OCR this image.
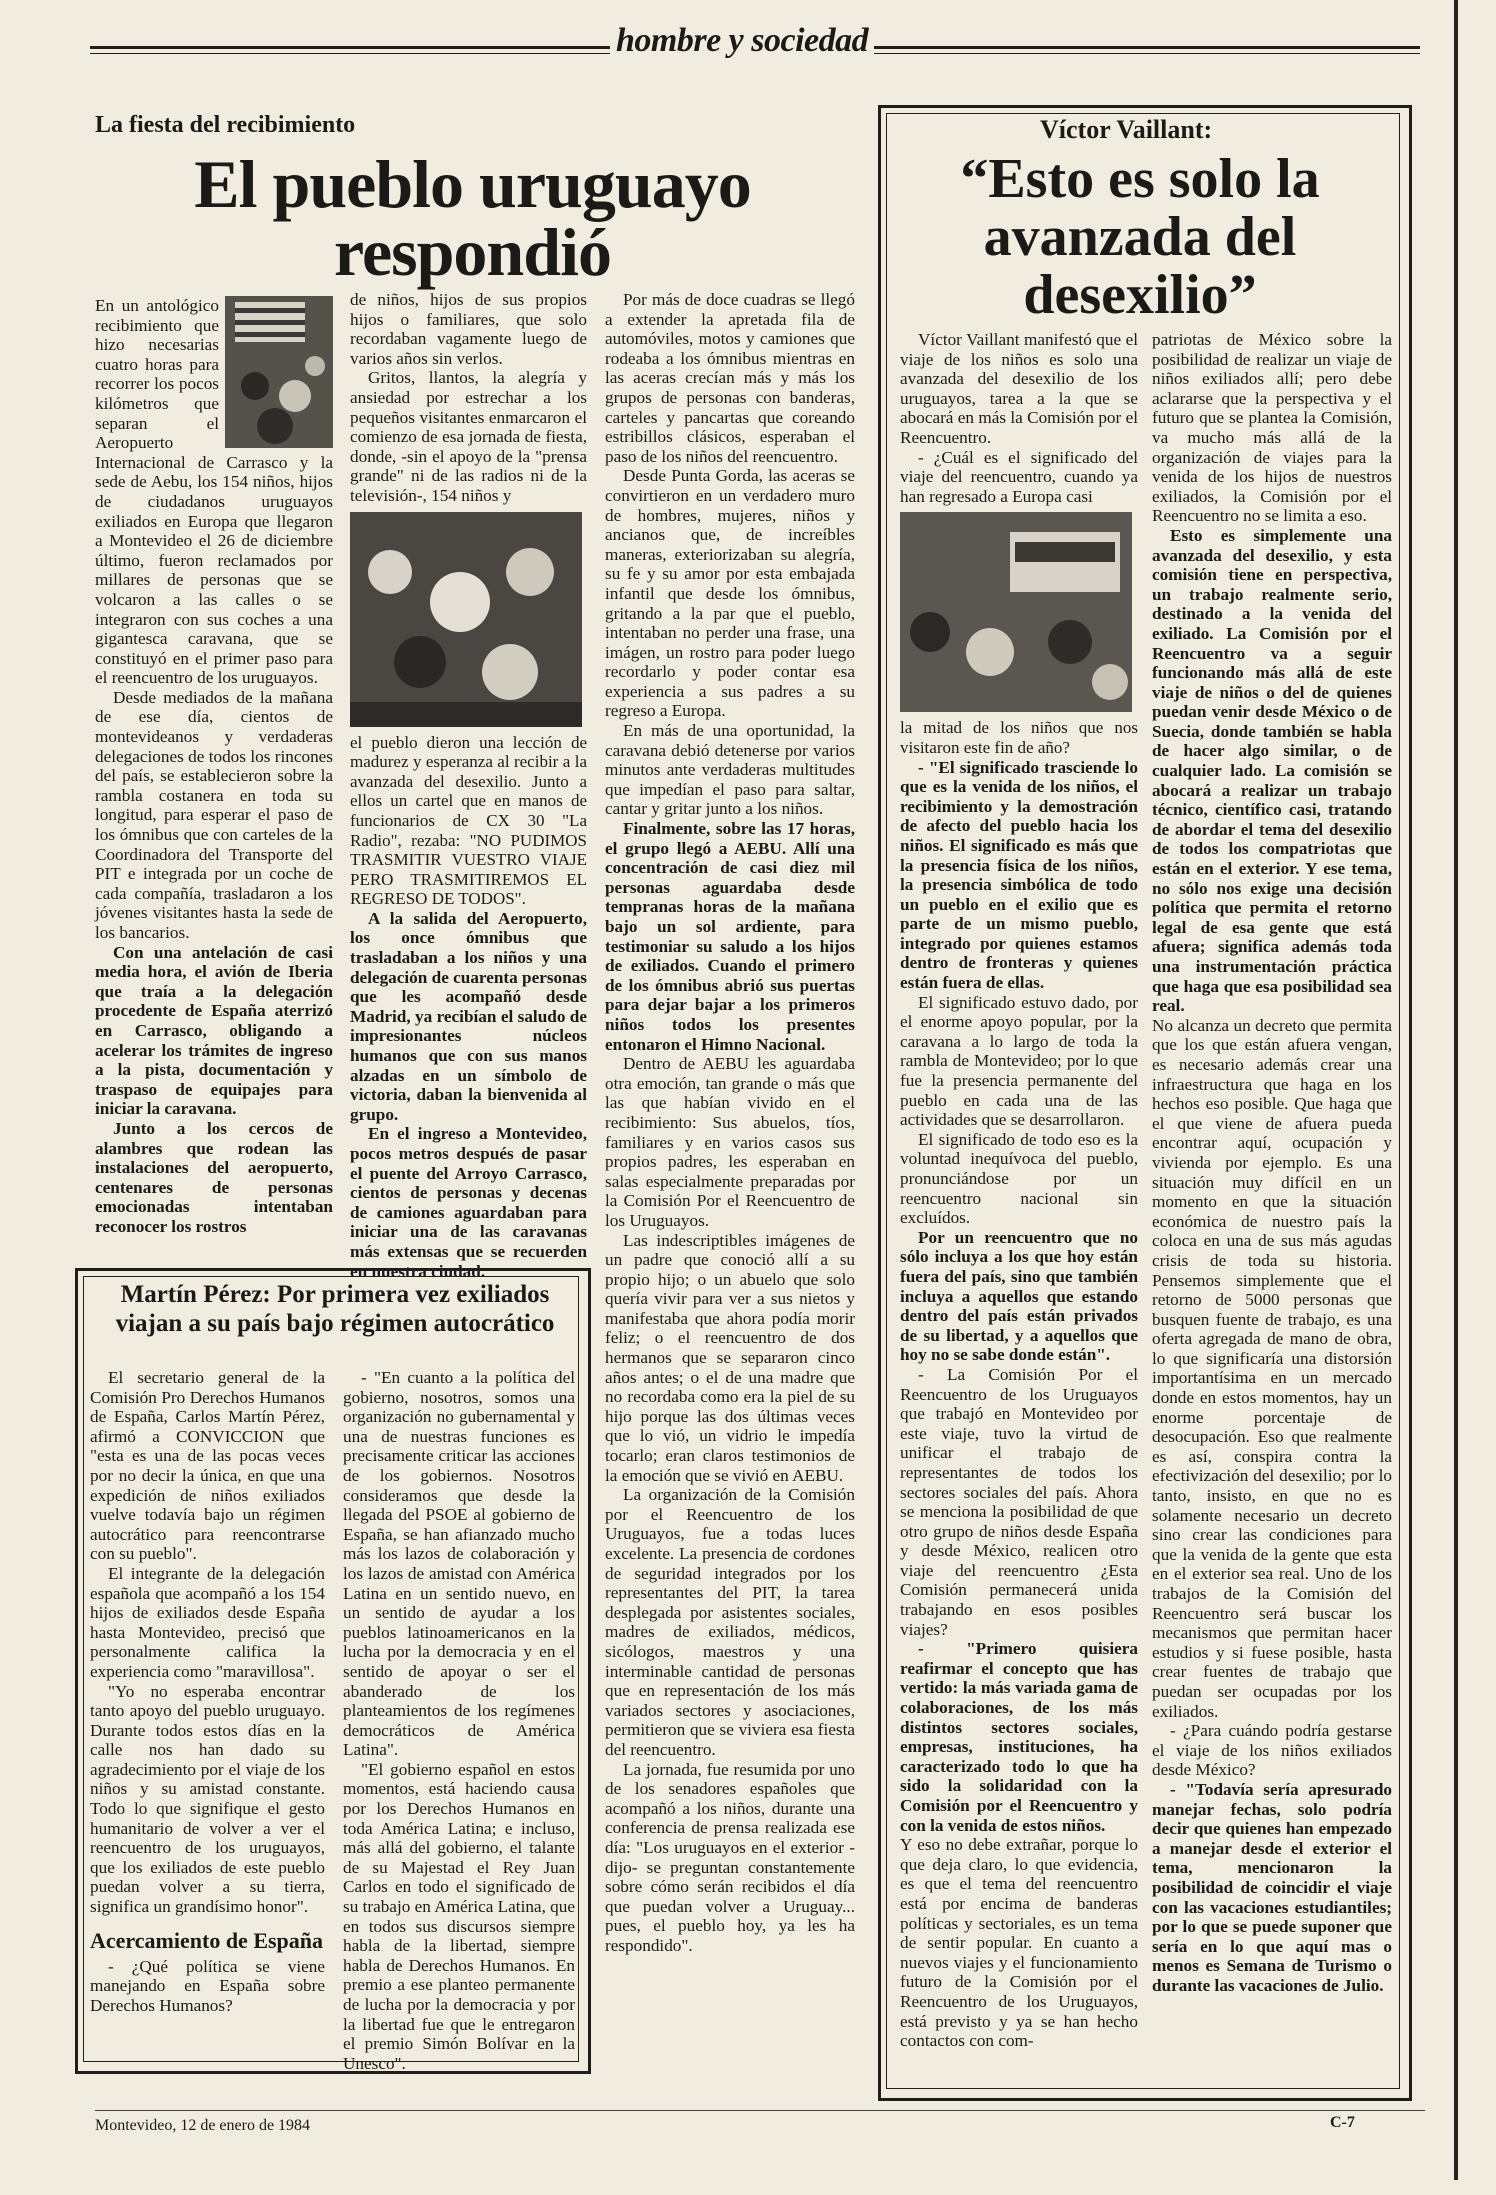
hombre y sociedad
La fiesta del recibimiento
El pueblo uruguayo respondió

En un antológico recibimiento que hizo necesarias cuatro horas para recorrer los pocos kilómetros que separan el Aeropuerto Internacional de Carrasco y la sede de Aebu, los 154 niños, hijos de ciudadanos uruguayos exiliados en Europa que llegaron a Montevideo el 26 de diciembre último, fueron reclamados por millares de personas que se volcaron a las calles o se integraron con sus coches a una gigantesca caravana, que se constituyó en el primer paso para el reencuentro de los uruguayos.

Desde mediados de la mañana de ese día, cientos de montevideanos y verdaderas delegaciones de todos los rincones del país, se establecieron sobre la rambla costanera en toda su longitud, para esperar el paso de los ómnibus que con carteles de la Coordinadora del Transporte del PIT e integrada por un coche de cada compañía, trasladaron a los jóvenes visitantes hasta la sede de los bancarios.

Con una antelación de casi media hora, el avión de Iberia que traía a la delegación procedente de España aterrizó en Carrasco, obligando a acelerar los trámites de ingreso a la pista, documentación y traspaso de equipajes para iniciar la caravana.

Junto a los cercos de alambres que rodean las instalaciones del aeropuerto, centenares de personas emocionadas intentaban reconocer los rostros

de niños, hijos de sus propios hijos o familiares, que solo recordaban vagamente luego de varios años sin verlos.

Gritos, llantos, la alegría y ansiedad por estrechar a los pequeños visitantes enmarcaron el comienzo de esa jornada de fiesta, donde, -sin el apoyo de la "prensa grande" ni de las radios ni de la televisión-, 154 niños y

el pueblo dieron una lección de madurez y esperanza al recibir a la avanzada del desexilio. Junto a ellos un cartel que en manos de funcionarios de CX 30 "La Radio", rezaba: "NO PUDIMOS TRASMITIR VUESTRO VIAJE PERO TRASMITIREMOS EL REGRESO DE TODOS".

A la salida del Aeropuerto, los once ómnibus que trasladaban a los niños y una delegación de cuarenta personas que les acompañó desde Madrid, ya recibían el saludo de impresionantes núcleos humanos que con sus manos alzadas en un símbolo de victoria, daban la bienvenida al grupo.

En el ingreso a Montevideo, pocos metros después de pasar el puente del Arroyo Carrasco, cientos de personas y decenas de camiones aguardaban para iniciar una de las caravanas más extensas que se recuerden en nuestra ciudad.

Por más de doce cuadras se llegó a extender la apretada fila de automóviles, motos y camiones que rodeaba a los ómnibus mientras en las aceras crecían más y más los grupos de personas con banderas, carteles y pancartas que coreando estribillos clásicos, esperaban el paso de los niños del reencuentro.

Desde Punta Gorda, las aceras se convirtieron en un verdadero muro de hombres, mujeres, niños y ancianos que, de increíbles maneras, exteriorizaban su alegría, su fe y su amor por esta embajada infantil que desde los ómnibus, gritando a la par que el pueblo, intentaban no perder una frase, una imágen, un rostro para poder luego recordarlo y poder contar esa experiencia a sus padres a su regreso a Europa.

En más de una oportunidad, la caravana debió detenerse por varios minutos ante verdaderas multitudes que impedían el paso para saltar, cantar y gritar junto a los niños.

Finalmente, sobre las 17 horas, el grupo llegó a AEBU. Allí una concentración de casi diez mil personas aguardaba desde tempranas horas de la mañana bajo un sol ardiente, para testimoniar su saludo a los hijos de exiliados. Cuando el primero de los ómnibus abrió sus puertas para dejar bajar a los primeros niños todos los presentes entonaron el Himno Nacional.

Dentro de AEBU les aguardaba otra emoción, tan grande o más que las que habían vivido en el recibimiento: Sus abuelos, tíos, familiares y en varios casos sus propios padres, les esperaban en salas especialmente preparadas por la Comisión Por el Reencuentro de los Uruguayos.

Las indescriptibles imágenes de un padre que conoció allí a su propio hijo; o un abuelo que solo quería vivir para ver a sus nietos y manifestaba que ahora podía morir feliz; o el reencuentro de dos hermanos que se separaron cinco años antes; o el de una madre que no recordaba como era la piel de su hijo porque las dos últimas veces que lo vió, un vidrio le impedía tocarlo; eran claros testimonios de la emoción que se vivió en AEBU.

La organización de la Comisión por el Reencuentro de los Uruguayos, fue a todas luces excelente. La presencia de cordones de seguridad integrados por los representantes del PIT, la tarea desplegada por asistentes sociales, madres de exiliados, médicos, sicólogos, maestros y una interminable cantidad de personas que en representación de los más variados sectores y asociaciones, permitieron que se viviera esa fiesta del reencuentro.

La jornada, fue resumida por uno de los senadores españoles que acompañó a los niños, durante una conferencia de prensa realizada ese día: "Los uruguayos en el exterior -dijo- se preguntan constantemente sobre cómo serán recibidos el día que puedan volver a Uruguay... pues, el pueblo hoy, ya les ha respondido".

Víctor Vaillant:
“Esto es solo la avanzada del desexilio”

Víctor Vaillant manifestó que el viaje de los niños es solo una avanzada del desexilio de los uruguayos, tarea a la que se abocará en más la Comisión por el Reencuentro.

- ¿Cuál es el significado del viaje del reencuentro, cuando ya han regresado a Europa casi

la mitad de los niños que nos visitaron este fin de año?

- "El significado trasciende lo que es la venida de los niños, el recibimiento y la demostración de afecto del pueblo hacia los niños. El significado es más que la presencia física de los niños, la presencia simbólica de todo un pueblo en el exilio que es parte de un mismo pueblo, integrado por quienes estamos dentro de fronteras y quienes están fuera de ellas.

El significado estuvo dado, por el enorme apoyo popular, por la caravana a lo largo de toda la rambla de Montevideo; por lo que fue la presencia permanente del pueblo en cada una de las actividades que se desarrollaron.

El significado de todo eso es la voluntad inequívoca del pueblo, pronunciándose por un reencuentro nacional sin excluídos.

Por un reencuentro que no sólo incluya a los que hoy están fuera del país, sino que también incluya a aquellos que estando dentro del país están privados de su libertad, y a aquellos que hoy no se sabe donde están".

- La Comisión Por el Reencuentro de los Uruguayos que trabajó en Montevideo por este viaje, tuvo la virtud de unificar el trabajo de representantes de todos los sectores sociales del país. Ahora se menciona la posibilidad de que otro grupo de niños desde España y desde México, realicen otro viaje del reencuentro ¿Esta Comisión permanecerá unida trabajando en esos posibles viajes?

- "Primero quisiera reafirmar el concepto que has vertido: la más variada gama de colaboraciones, de los más distintos sectores sociales, empresas, instituciones, ha caracterizado todo lo que ha sido la solidaridad con la Comisión por el Reencuentro y con la venida de estos niños.

Y eso no debe extrañar, porque lo que deja claro, lo que evidencia, es que el tema del reencuentro está por encima de banderas políticas y sectoriales, es un tema de sentir popular. En cuanto a nuevos viajes y el funcionamiento futuro de la Comisión por el Reencuentro de los Uruguayos, está previsto y ya se han hecho contactos con com-

patriotas de México sobre la posibilidad de realizar un viaje de niños exiliados allí; pero debe aclararse que la perspectiva y el futuro que se plantea la Comisión, va mucho más allá de la organización de viajes para la venida de los hijos de nuestros exiliados, la Comisión por el Reencuentro no se limita a eso.

Esto es simplemente una avanzada del desexilio, y esta comisión tiene en perspectiva, un trabajo realmente serio, destinado a la venida del exiliado. La Comisión por el Reencuentro va a seguir funcionando más allá de este viaje de niños o del de quienes puedan venir desde México o de Suecia, donde también se habla de hacer algo similar, o de cualquier lado. La comisión se abocará a realizar un trabajo técnico, científico casi, tratando de abordar el tema del desexilio de todos los compatriotas que están en el exterior. Y ese tema, no sólo nos exige una decisión política que permita el retorno legal de esa gente que está afuera; significa además toda una instrumentación práctica que haga que esa posibilidad sea real.

No alcanza un decreto que permita que los que están afuera vengan, es necesario además crear una infraestructura que haga en los hechos eso posible. Que haga que el que viene de afuera pueda encontrar aquí, ocupación y vivienda por ejemplo. Es una situación muy difícil en un momento en que la situación económica de nuestro país la coloca en una de sus más agudas crisis de toda su historia. Pensemos simplemente que el retorno de 5000 personas que busquen fuente de trabajo, es una oferta agregada de mano de obra, lo que significaría una distorsión importantísima en un mercado donde en estos momentos, hay un enorme porcentaje de desocupación. Eso que realmente es así, conspira contra la efectivización del desexilio; por lo tanto, insisto, en que no es solamente necesario un decreto sino crear las condiciones para que la venida de la gente que esta en el exterior sea real. Uno de los trabajos de la Comisión del Reencuentro será buscar los mecanismos que permitan hacer estudios y si fuese posible, hasta crear fuentes de trabajo que puedan ser ocupadas por los exiliados.

- ¿Para cuándo podría gestarse el viaje de los niños exiliados desde México?

- "Todavía sería apresurado manejar fechas, solo podría decir que quienes han empezado a manejar desde el exterior el tema, mencionaron la posibilidad de coincidir el viaje con las vacaciones estudiantiles; por lo que se puede suponer que sería en lo que aquí mas o menos es Semana de Turismo o durante las vacaciones de Julio.

Martín Pérez: Por primera vez exiliados viajan a su país bajo régimen autocrático

El secretario general de la Comisión Pro Derechos Humanos de España, Carlos Martín Pérez, afirmó a CONVICCION que "esta es una de las pocas veces por no decir la única, en que una expedición de niños exiliados vuelve todavía bajo un régimen autocrático para reencontrarse con su pueblo".

El integrante de la delegación española que acompañó a los 154 hijos de exiliados desde España hasta Montevideo, precisó que personalmente califica la experiencia como "maravillosa".

"Yo no esperaba encontrar tanto apoyo del pueblo uruguayo. Durante todos estos días en la calle nos han dado su agradecimiento por el viaje de los niños y su amistad constante. Todo lo que signifique el gesto humanitario de volver a ver el reencuentro de los uruguayos, que los exiliados de este pueblo puedan volver a su tierra, significa un grandísimo honor".

Acercamiento de España

- ¿Qué política se viene manejando en España sobre Derechos Humanos?

- "En cuanto a la política del gobierno, nosotros, somos una organización no gubernamental y una de nuestras funciones es precisamente criticar las acciones de los gobiernos. Nosotros consideramos que desde la llegada del PSOE al gobierno de España, se han afianzado mucho más los lazos de colaboración y los lazos de amistad con América Latina en un sentido nuevo, en un sentido de ayudar a los pueblos latinoamericanos en la lucha por la democracia y en el sentido de apoyar o ser el abanderado de los planteamientos de los regímenes democráticos de América Latina".

"El gobierno español en estos momentos, está haciendo causa por los Derechos Humanos en toda América Latina; e incluso, más allá del gobierno, el talante de su Majestad el Rey Juan Carlos en todo el significado de su trabajo en América Latina, que en todos sus discursos siempre habla de la libertad, siempre habla de Derechos Humanos. En premio a ese planteo permanente de lucha por la democracia y por la libertad fue que le entregaron el premio Simón Bolívar en la Unesco".

Montevideo, 12 de enero de 1984	C-7
